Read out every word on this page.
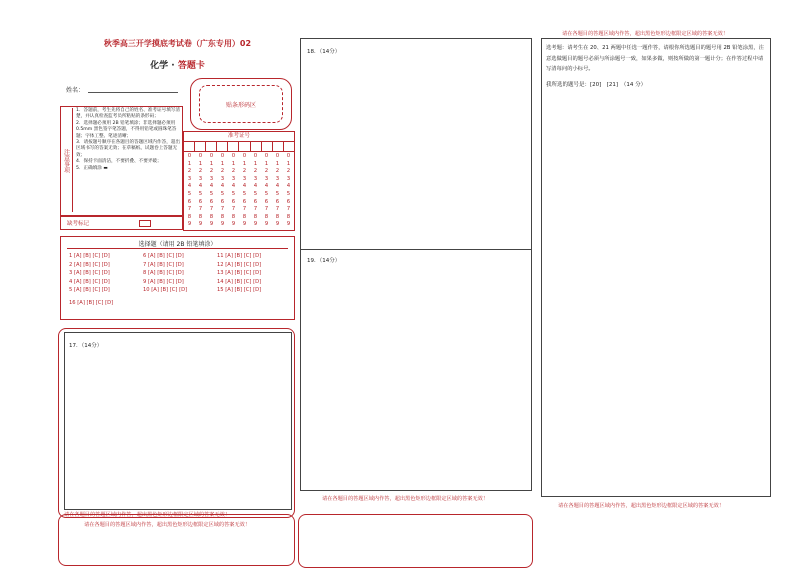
秋季高三开学摸底考试卷（广东专用）02
化学 · 答题卡
姓名：
贴条形码区
注意事项
1．答题前，考生先将自己的姓名、准考证号填写清楚，并认真检查监考员所粘贴的条形码；
2．选择题必须用 2B 铅笔填涂；非选择题必须用 0.5mm 黑色签字笔答题，不得用铅笔或圆珠笔答题；字体工整、笔迹清晰；
3．请按题号顺序在各题目的答题区域内作答，超出区域书写的答案无效；在草稿纸、试题卷上答题无效；
4．保持卡面清洁，不要折叠、不要弄破；
5．正确填涂 ▬
缺考标记
准考证号
0
1
2
3
4
5
6
7
8
9
0
1
2
3
4
5
6
7
8
9
0
1
2
3
4
5
6
7
8
9
0
1
2
3
4
5
6
7
8
9
0
1
2
3
4
5
6
7
8
9
0
1
2
3
4
5
6
7
8
9
0
1
2
3
4
5
6
7
8
9
0
1
2
3
4
5
6
7
8
9
0
1
2
3
4
5
6
7
8
9
0
1
2
3
4
5
6
7
8
9
选择题（请用 2B 铅笔填涂）
1 [A] [B] [C] [D]
2 [A] [B] [C] [D]
3 [A] [B] [C] [D]
4 [A] [B] [C] [D]
5 [A] [B] [C] [D]
6 [A] [B] [C] [D]
7 [A] [B] [C] [D]
8 [A] [B] [C] [D]
9 [A] [B] [C] [D]
10 [A] [B] [C] [D]
11 [A] [B] [C] [D]
12 [A] [B] [C] [D]
13 [A] [B] [C] [D]
14 [A] [B] [C] [D]
15 [A] [B] [C] [D]
16 [A] [B] [C] [D]
17．（14分）
请在各题目的答题区域内作答，超出黑色矩形边框限定区域的答案无效！
请在各题目的答题区域内作答，超出黑色矩形边框限定区域的答案无效！
18．（14分）
19．（14分）
请在各题目的答题区域内作答，超出黑色矩形边框限定区域的答案无效！
请在各题目的答题区域内作答，超出黑色矩形边框限定区域的答案无效！
选考题：请考生在 20、21 两题中任选一题作答，请根你所选题目的题号用 2B 铅笔涂黑，注意选做题目的题号必须与所涂题号一致，如果多做，则按所做的第一题计分；在作答过程中请写清每问的小标号。
我所选的题号是：[20]　[21]　（14 分）
请在各题目的答题区域内作答，超出黑色矩形边框限定区域的答案无效！
